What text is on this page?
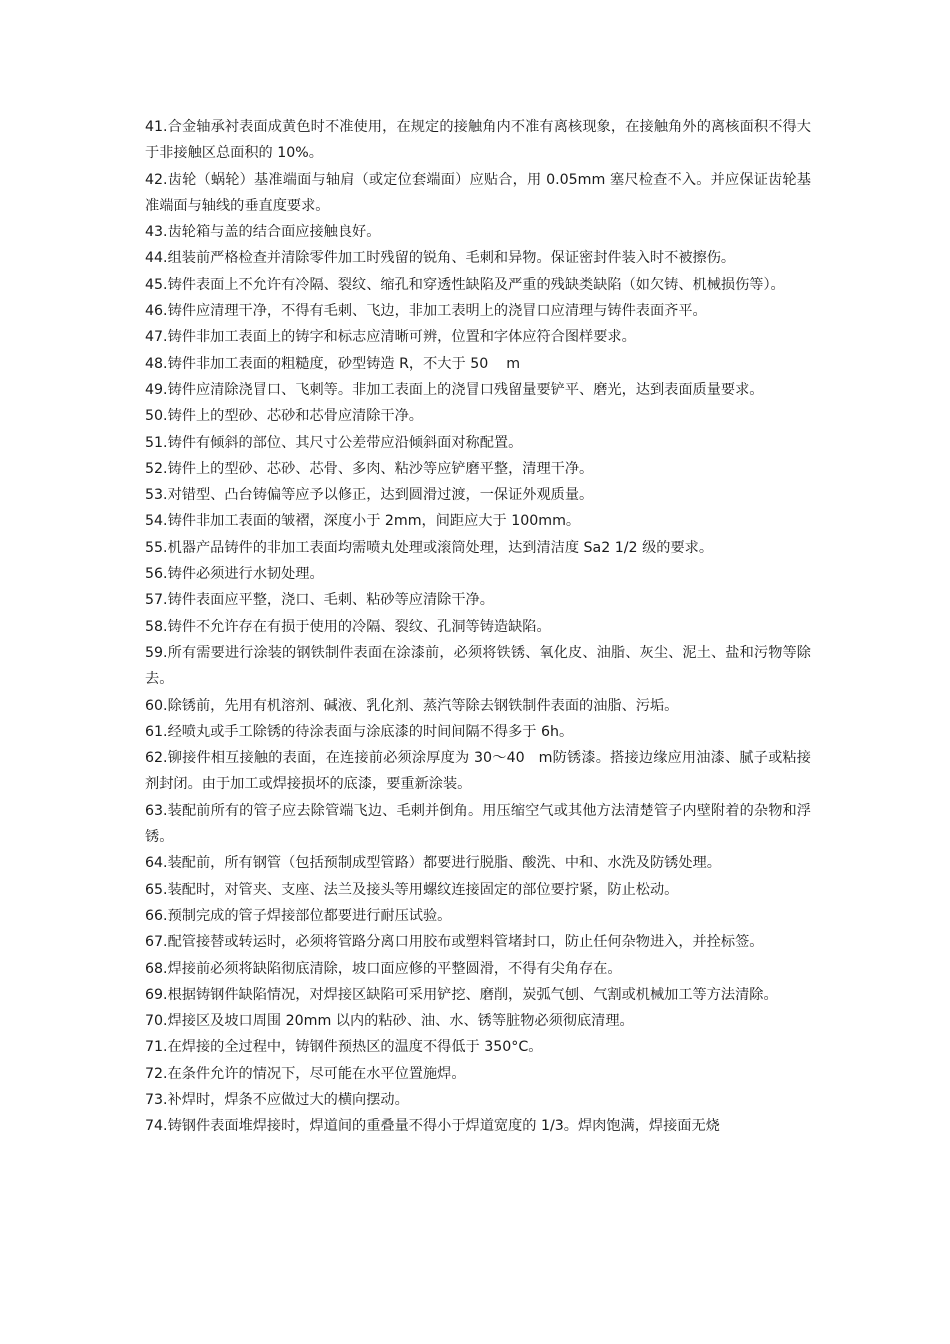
41.合金轴承衬表面成黄色时不准使用，在规定的接触角内不准有离核现象，在接触角外的离核面积不得大于非接触区总面积的 10%。

42.齿轮（蜗轮）基准端面与轴肩（或定位套端面）应贴合，用 0.05mm 塞尺检查不入。并应保证齿轮基准端面与轴线的垂直度要求。

43.齿轮箱与盖的结合面应接触良好。

44.组装前严格检查并清除零件加工时残留的锐角、毛刺和异物。保证密封件装入时不被擦伤。

45.铸件表面上不允许有冷隔、裂纹、缩孔和穿透性缺陷及严重的残缺类缺陷（如欠铸、机械损伤等）。

46.铸件应清理干净，不得有毛刺、飞边，非加工表明上的浇冒口应清理与铸件表面齐平。

47.铸件非加工表面上的铸字和标志应清晰可辨，位置和字体应符合图样要求。

48.铸件非加工表面的粗糙度，砂型铸造 R，不大于 50    m

49.铸件应清除浇冒口、飞刺等。非加工表面上的浇冒口残留量要铲平、磨光，达到表面质量要求。

50.铸件上的型砂、芯砂和芯骨应清除干净。

51.铸件有倾斜的部位、其尺寸公差带应沿倾斜面对称配置。

52.铸件上的型砂、芯砂、芯骨、多肉、粘沙等应铲磨平整，清理干净。

53.对错型、凸台铸偏等应予以修正，达到圆滑过渡，一保证外观质量。

54.铸件非加工表面的皱褶，深度小于 2mm，间距应大于 100mm。

55.机器产品铸件的非加工表面均需喷丸处理或滚筒处理，达到清洁度 Sa2 1/2 级的要求。

56.铸件必须进行水韧处理。

57.铸件表面应平整，浇口、毛刺、粘砂等应清除干净。

58.铸件不允许存在有损于使用的冷隔、裂纹、孔洞等铸造缺陷。

59.所有需要进行涂装的钢铁制件表面在涂漆前，必须将铁锈、氧化皮、油脂、灰尘、泥土、盐和污物等除去。

60.除锈前，先用有机溶剂、碱液、乳化剂、蒸汽等除去钢铁制件表面的油脂、污垢。

61.经喷丸或手工除锈的待涂表面与涂底漆的时间间隔不得多于 6h。

62.铆接件相互接触的表面，在连接前必须涂厚度为 30～40   m防锈漆。搭接边缘应用油漆、腻子或粘接剂封闭。由于加工或焊接损坏的底漆，要重新涂装。

63.装配前所有的管子应去除管端飞边、毛刺并倒角。用压缩空气或其他方法清楚管子内壁附着的杂物和浮锈。

64.装配前，所有钢管（包括预制成型管路）都要进行脱脂、酸洗、中和、水洗及防锈处理。

65.装配时，对管夹、支座、法兰及接头等用螺纹连接固定的部位要拧紧，防止松动。

66.预制完成的管子焊接部位都要进行耐压试验。

67.配管接替或转运时，必须将管路分离口用胶布或塑料管堵封口，防止任何杂物进入，并拴标签。

68.焊接前必须将缺陷彻底清除，坡口面应修的平整圆滑，不得有尖角存在。

69.根据铸钢件缺陷情况，对焊接区缺陷可采用铲挖、磨削，炭弧气刨、气割或机械加工等方法清除。

70.焊接区及坡口周围 20mm 以内的粘砂、油、水、锈等脏物必须彻底清理。

71.在焊接的全过程中，铸钢件预热区的温度不得低于 350°C。

72.在条件允许的情况下，尽可能在水平位置施焊。

73.补焊时，焊条不应做过大的横向摆动。

74.铸钢件表面堆焊接时，焊道间的重叠量不得小于焊道宽度的 1/3。焊肉饱满，焊接面无烧
